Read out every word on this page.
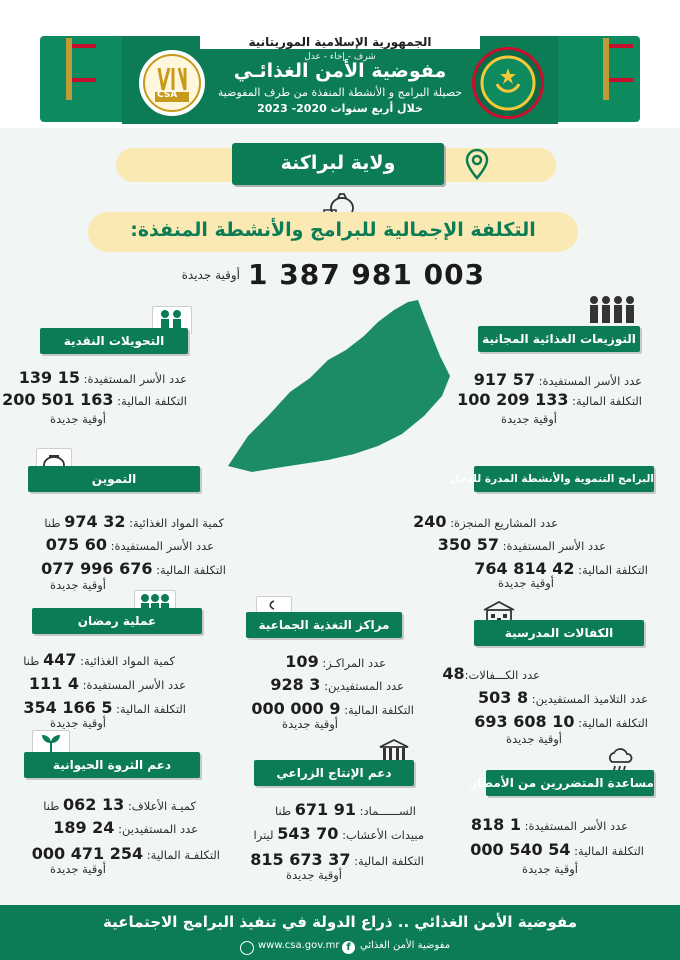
CSA
الجمهورية الإسلامية الموريتانية
شرف - إخاء - عدل
مفوضية الأمن الغذائـي
حصيلة البرامج و الأنشطة المنفذة من طرف المفوضية
خلال أربع سنوات 2020- 2023
ولاية لبراكنة
التكلفة الإجمالية للبرامج والأنشطة المنفذة:
1 387 981 003
أوقية جديدة
التحويلات النقدية
عدد الأسر المستفيدة: 15 139
التكلفة المالية: 163 501 200
أوقية جديدة
التوزيعات الغذائية المجانية
عدد الأسر المستفيدة: 57 917
التكلفة المالية: 133 209 100
أوقية جديدة
التموين
كمية المواد الغذائية: 32 974 طنا
عدد الأسر المستفيدة: 60 075
التكلفة المالية: 676 996 077
أوقية جديدة
البرامج التنموية والأنشطة المدرة للدخل
عدد المشاريع المنجزة: 240
عدد الأسر المستفيدة: 57 350
التكلفة المالية: 42 814 764
أوقية جديدة
عملية رمضان
كمية المواد الغذائية: 447 طنا
عدد الأسر المستفيدة: 4 111
التكلفة المالية: 5 166 354
أوقية جديدة
مراكز التغذية الجماعية
عدد المراكـز: 109
عدد المستفيدين: 3 928
التكلفة المالية: 9 000 000
أوقية جديدة
الكفالات المدرسية
عدد الكـــفالات:48
عدد التلاميذ المستفيدين: 8 503
التكلفة المالية: 10 608 693
أوقية جديدة
دعم الثروة الحيوانية
كميـة الأعلاف: 13 062 طنا
عدد المستفيدين: 24 189
التكلفـة المالية: 254 471 000
أوقية جديدة
دعم الإنتاج الزراعي
الســــــماد: 91 671 طنا
مبيدات الأعشاب: 70 543 ليترا
التكلفة المالية: 37 673 815
أوقية جديدة
مساعدة المتضررين من الأمطار
عدد الأسر المستفيدة: 1 818
التكلفة المالية: 54 540 000
أوقية جديدة
مفوضية الأمن الغذائي .. ذراع الدولة في تنفيذ البرامج الاجتماعية
www.csa.gov.mr f مفوضية الأمن الغذائي
